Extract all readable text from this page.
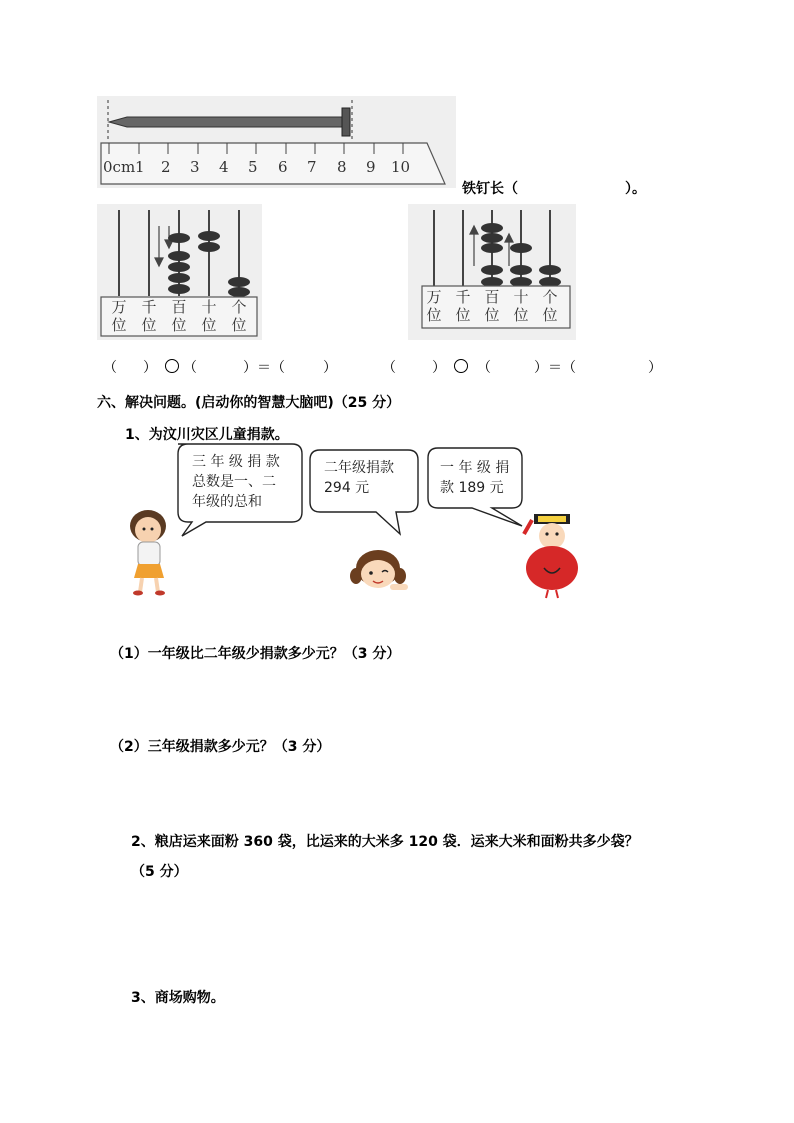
0cm 1 2 3 4 5 6 7 8 9 10
铁钉长（	）。
万
位
千
位
百
位
十
位
个
位
万
位
千
位
百
位
十
位
个
位
（ ） （	）＝（	）	（	） （	）＝（	）
六、解决问题。(启动你的智慧大脑吧)（25 分）
1、为汶川灾区儿童捐款。
三 年 级 捐 款
总数是一、二
年级的总和
二年级捐款
294 元
一 年 级 捐
款 189 元
（1）一年级比二年级少捐款多少元？（3 分）
（2）三年级捐款多少元？（3 分）
2、粮店运来面粉 360 袋，比运来的大米多 120 袋．运来大米和面粉共多少袋？
（5 分）
3、商场购物。
